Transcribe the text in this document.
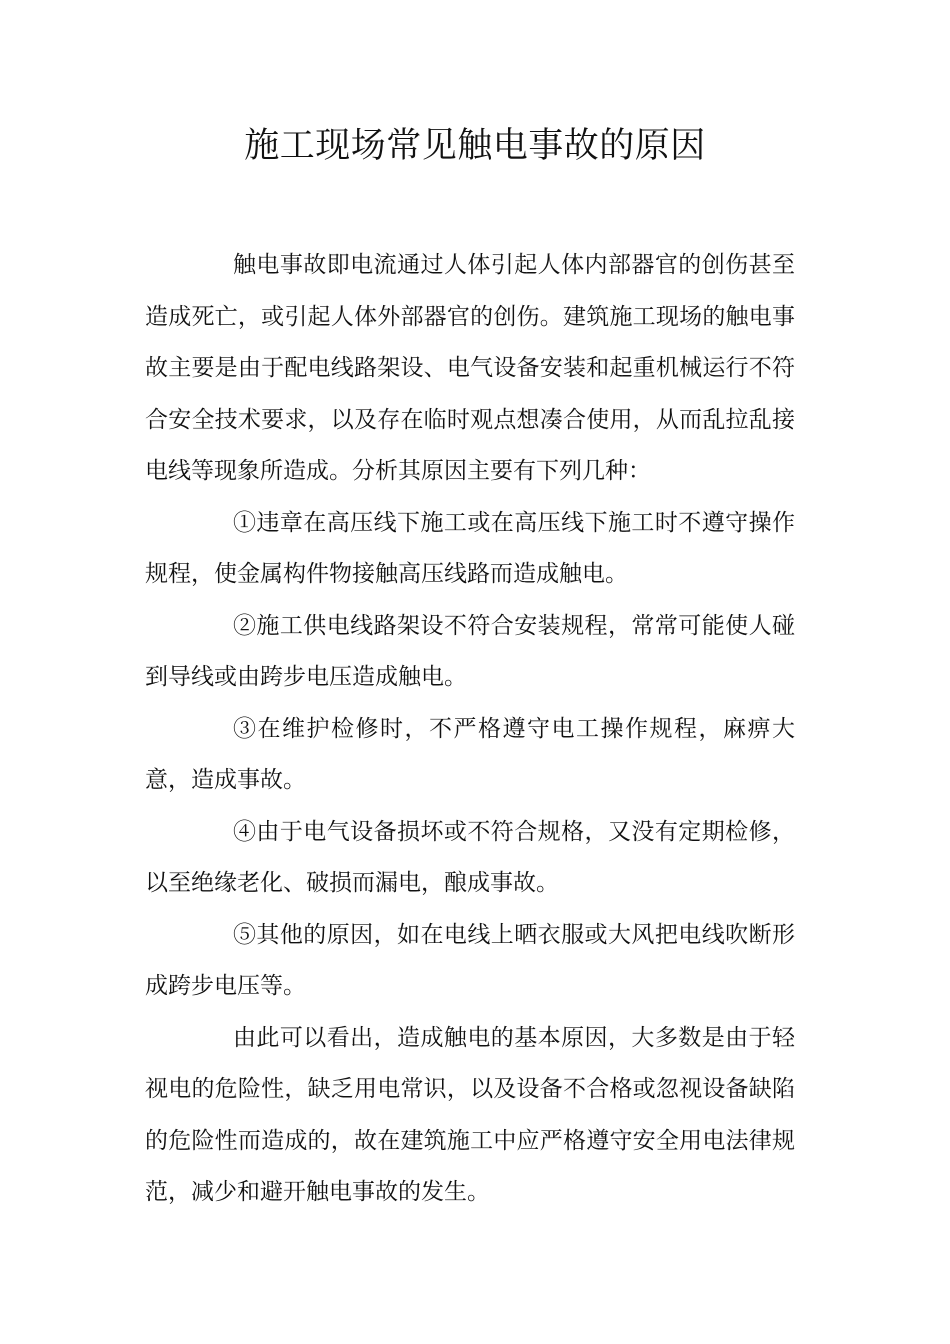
施工现场常见触电事故的原因

触电事故即电流通过人体引起人体内部器官的创伤甚至造成死亡，或引起人体外部器官的创伤。建筑施工现场的触电事故主要是由于配电线路架设、电气设备安装和起重机械运行不符合安全技术要求，以及存在临时观点想凑合使用，从而乱拉乱接电线等现象所造成。分析其原因主要有下列几种：

①违章在高压线下施工或在高压线下施工时不遵守操作规程，使金属构件物接触高压线路而造成触电。

②施工供电线路架设不符合安装规程，常常可能使人碰到导线或由跨步电压造成触电。

③在维护检修时，不严格遵守电工操作规程，麻痹大意，造成事故。

④由于电气设备损坏或不符合规格，又没有定期检修，以至绝缘老化、破损而漏电，酿成事故。

⑤其他的原因，如在电线上晒衣服或大风把电线吹断形成跨步电压等。

由此可以看出，造成触电的基本原因，大多数是由于轻视电的危险性，缺乏用电常识，以及设备不合格或忽视设备缺陷的危险性而造成的，故在建筑施工中应严格遵守安全用电法律规范，减少和避开触电事故的发生。
